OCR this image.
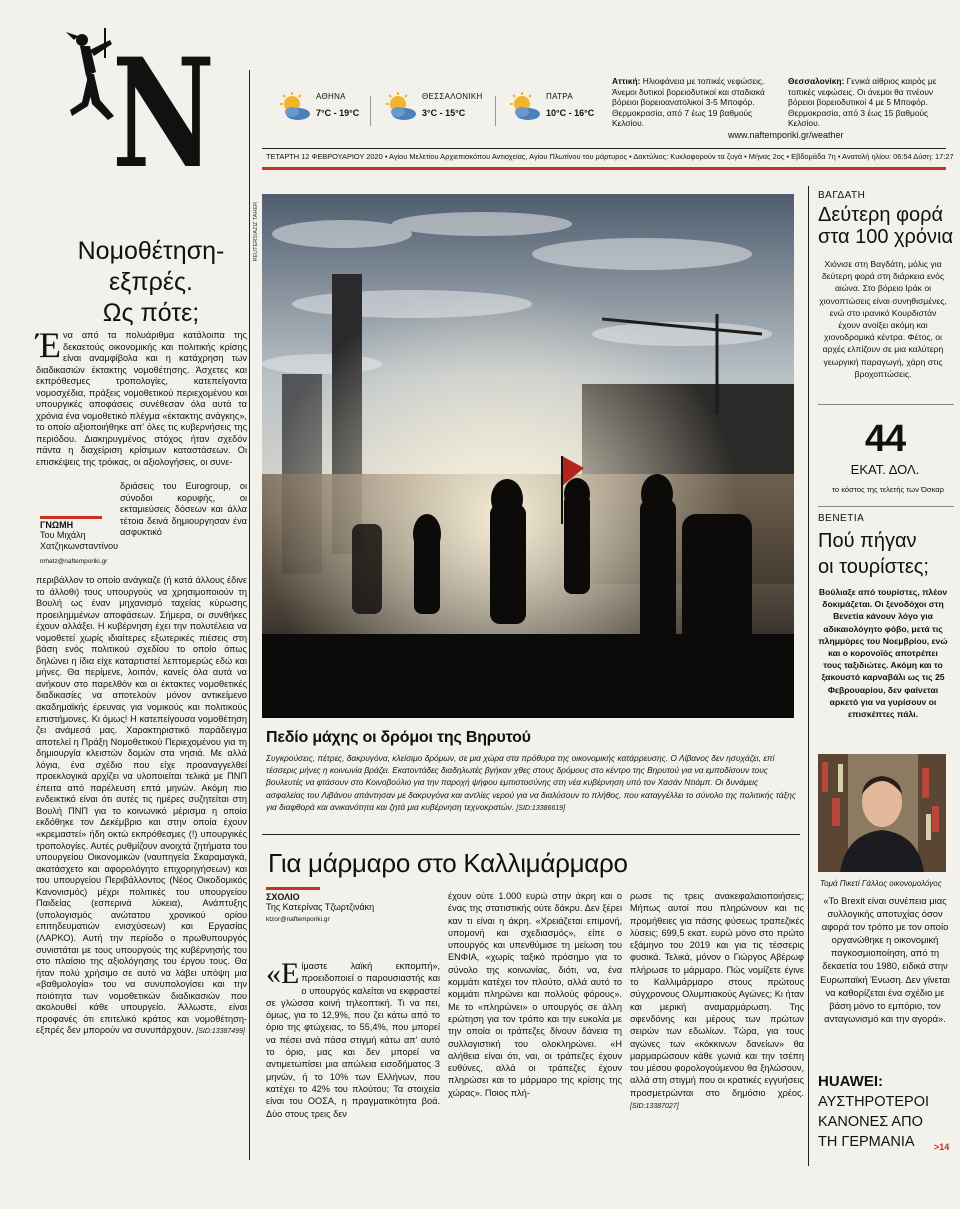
N	ΑΘΗΝΑ
7°C - 19°C
ΘΕΣΣΑΛΟΝΙΚΗ
3°C - 15°C
ΠΑΤΡΑ
10°C - 16°C
Αττική: Ηλιοφάνεια με τοπικές νεφώσεις. Άνεμοι δυτικοί βορειοδυτικοί και σταδιακά βόρειοι βορειοανατολικοί 3-5 Μποφόρ. Θερμοκρασία, από 7 έως 19 βαθμούς Κελσίου.
Θεσσαλονίκη: Γενικά αίθριος καιρός με τοπικές νεφώσεις. Οι άνεμοι θα πνέουν βόρειοι βορειοδυτικοί 4 με 5 Μποφόρ. Θερμοκρασία, από 3 έως 15 βαθμούς Κελσίου.
www.naftemporiki.gr/weather
ΤΕΤΑΡΤΗ 12 ΦΕΒΡΟΥΑΡΙΟΥ 2020 • Αγίου Μελετίου Αρχιεπισκόπου Αντιοχείας, Αγίου Πλωτίνου του μάρτυρος • Δακτύλιος: Κυκλοφορούν τα ζυγά • Μήνας 2ος • Εβδομάδα 7η • Ανατολή ηλίου: 06:54 Δύση: 17:27
Νομοθέτηση-
εξπρές.
Ως πότε;
Ένα από τα πολυάριθμα κατάλοιπα της δεκαετούς οικονομικής και πολιτικής κρίσης είναι αναμφίβολα και η κατάχρηση των διαδικασιών έκτακτης νομοθέτησης. Άσχετες και εκπρόθεσμες τροπολογίες, κατεπείγοντα νομοσχέδια, πράξεις νομοθετικού περιεχομένου και υπουργικές αποφάσεις συνέθεσαν όλα αυτά τα χρόνια ένα νομοθετικό πλέγμα «έκτακτης ανάγκης», το οποίο αξιοποιήθηκε απ' όλες τις κυβερνήσεις της περιόδου. Διακηρυγμένος στόχος ήταν σχεδόν πάντα η διαχείριση κρίσιμων καταστάσεων. Οι επισκέψεις της τρόικας, οι αξιολογήσεις, οι συνε-
ΓΝΩΜΗ
Του Μιχάλη
Χατζηκωνσταντίνου
mhatz@naftemporiki.gr
δριάσεις του Eurogroup, οι σύνοδοι κορυφής, οι εκταμιεύσεις δόσεων και άλλα τέτοια δεινά δημιουργησαν ένα ασφυκτικό
περιβάλλον το οποίο ανάγκαζε (ή κατά άλλους έδινε το άλλοθι) τους υπουργούς να χρησιμοποιούν τη Βουλή ως έναν μηχανισμό ταχείας κύρωσης προειλημμένων αποφάσεων. Σήμερα, οι συνθήκες έχουν αλλάξει. Η κυβέρνηση έχει την πολυτέλεια να νομοθετεί χωρίς ιδιαίτερες εξωτερικές πιέσεις στη βάση ενός πολιτικού σχεδίου το οποίο όπως δηλώνει η ίδια είχε καταρτιστεί λεπτομερώς εδώ και μήνες. Θα περίμενε, λοιπόν, κανείς όλα αυτά να ανήκουν στο παρελθόν και οι έκτακτες νομοθετικές διαδικασίες να αποτελούν μόνον αντικείμενο ακαδημαϊκής έρευνας για νομικούς και πολιτικούς επιστήμονες. Κι όμως! Η κατεπείγουσα νομοθέτηση ζει ανάμεσά μας. Χαρακτηριστικό παράδειγμα αποτελεί η Πράξη Νομοθετικού Περιεχομένου για τη δημιουργία κλειστών δομών στα νησιά. Με αλλά λόγια, ένα σχέδιο που είχε προαναγγελθεί προεκλογικά αρχίζει να υλοποιείται τελικά με ΠΝΠ έπειτα από παρέλευση επτά μηνών. Ακόμη πιο ενδεικτικό είναι ότι αυτές τις ημέρες συζητείται στη Βουλή ΠΝΠ για το κοινωνικό μέρισμα η οποία εκδόθηκε τον Δεκέμβριο και στην οποία έχουν «κρεμαστεί» ήδη οκτώ εκπρόθεσμες (!) υπουργικές τροπολογίες. Αυτές ρυθμίζουν ανοιχτά ζητήματα του υπουργείου Οικονομικών (ναυπηγεία Σκαραμαγκά, ακατάσχετο και αφορολόγητο επιχορηγήσεων) και του υπουργείου Περιβάλλοντος (Νέος Οικοδομικός Κανονισμός) μέχρι πολιτικές του υπουργείου Παιδείας (εσπερινά λύκεια), Ανάπτυξης (υπολογισμός ανώτατου χρονικού ορίου επιτηδευματιών ενισχύσεων) και Εργασίας (ΛΑΡΚΟ). Αυτή την περίοδο ο πρωθυπουργός συνιστάται με τους υπουργούς της κυβέρνησής του στο πλαίσιο της αξιολόγησης του έργου τους. Θα ήταν πολύ χρήσιμο σε αυτό να λάβει υπόψη μια «βαθμολογία» του να συνυπολογίσει και την ποιότητα των νομοθετικών διαδικασιών που ακολουθεί κάθε υπουργείο. Άλλωστε, είναι προφανές ότι επιτελικό κράτος και νομοθέτηση-εξπρές δεν μπορούν να συνυπάρχουν. [SID:13387499]
REUTERS/AZIZ TAHER
Πεδίο μάχης οι δρόμοι της Βηρυτού
Συγκρούσεις, πέτρες, δακρυγόνα, κλείσιμο δρόμων, σε μια χώρα στα πρόθυρα της οικονομικής κατάρρευσης. Ο Λίβανος δεν ησυχάζει, επί τέσσερις μήνες η κοινωνία βράζει. Εκατοντάδες διαδηλωτές βγήκαν χθες στους δρόμους στο κέντρο της Βηρυτού για να εμποδίσουν τους βουλευτές να φτάσουν στο Κοινοβούλιο για την παροχή ψήφου εμπιστοσύνης στη νέα κυβέρνηση υπό τον Χασάν Ντιάμπ. Οι δυνάμεις ασφαλείας του Λιβάνου απάντησαν με δακρυγόνα και αντλίες νερού για να διαλύσουν το πλήθος, που καταγγέλλει το σύνολο της πολιτικής τάξης για διαφθορά και ανικανότητα και ζητά μια κυβέρνηση τεχνοκρατών. [SID:13386619]
ΒΑΓΔΑΤΗ
Δεύτερη φορά
στα 100 χρόνια
Χιόνισε στη Βαγδάτη, μόλις για δεύτερη φορά στη διάρκεια ενός αιώνα. Στο βόρειο Ιράκ οι χιονοπτώσεις είναι συνηθισμένες, ενώ στο ιρανικό Κουρδιστάν έχουν ανοίξει ακόμη και χιονοδρομικά κέντρα. Φέτος, οι αρχές ελπίζουν σε μια καλύτερη γεωργική παραγωγή, χάρη στις βροχοπτώσεις.
44
ΕΚΑΤ. ΔΟΛ.
το κόστος της τελετής των Όσκαρ
ΒΕΝΕΤΙΑ
Πού πήγαν
οι τουρίστες;
Βούλιαξε από τουρίστες, πλέον δοκιμάζεται. Οι ξενοδόχοι στη Βενετία κάνουν λόγο για αδικαιολόγητο φόβο, μετά τις πλημμύρες του Νοεμβρίου, ενώ και ο κορονοϊός αποτρέπει τους ταξιδιώτες. Ακόμη και το ξακουστό καρναβάλι ως τις 25 Φεβρουαρίου, δεν φαίνεται αρκετό για να γυρίσουν οι επισκέπτες πάλι.
Τομά Πικετί Γάλλος οικονομολόγος
«Το Brexit είναι συνέπεια μιας συλλογικής αποτυχίας όσον αφορά τον τρόπο με τον οποίο οργανώθηκε η οικονομική παγκοσμιοποίηση, από τη δεκαετία του 1980, ειδικά στην Ευρωπαϊκή Ένωση. Δεν γίνεται να καθορίζεται ένα σχέδιο με βάση μόνο το εμπόριο, τον ανταγωνισμό και την αγορά».
HUAWEI:
ΑΥΣΤΗΡΟΤΕΡΟΙ
ΚΑΝΟΝΕΣ ΑΠΟ
ΤΗ ΓΕΡΜΑΝΙΑ	>14
Για μάρμαρο στο Καλλιμάρμαρο
ΣΧΟΛΙΟ
Της Κατερίνας Τζωρτζινάκη
ktzor@naftemporiki.gr
«Είμαστε λαϊκή εκπομπή», προειδοποιεί ο παρουσιαστής και ο υπουργός καλείται να εκφραστεί σε γλώσσα κοινή τηλεοπτική. Τι να πει, όμως, για το 12,9%, που ζει κάτω από το όριο της φτώχειας, το 55,4%, που μπορεί να πέσει ανά πάσα στιγμή κάτω απ' αυτό το όριο, μας και δεν μπορεί να αντιμετωπίσει μια απώλεια εισοδήματος 3 μηνών, ή το 10% των Ελλήνων, που κατέχει το 42% του πλούτου; Τα στοιχεία είναι του ΟΟΣΑ, η πραγματικότητα βοά. Δύο στους τρεις δεν
έχουν ούτε 1.000 ευρώ στην άκρη και ο ένας της στατιστικής ούτε δάκρυ. Δεν ξέρει καν τι είναι η άκρη. «Χρειάζεται επιμονή, υπομονή και σχεδιασμός», είπε ο υπουργός και υπενθύμισε τη μείωση του ΕΝΦΙΑ, «χωρίς ταξικό πρόσημο για το σύνολο της κοινωνίας, διότι, να, ένα κομμάτι κατέχει τον πλούτο, αλλά αυτό το κομμάτι πληρώνει και πολλούς φόρους». Με το «πληρώνει» ο υπουργός σε άλλη ερώτηση για τον τρόπο και την ευκολία με την οποία οι τράπεζες δίνουν δάνεια τη συλλογιστική του ολοκληρώνει. «Η αλήθεια είναι ότι, ναι, οι τράπεζες έχουν ευθύνες, αλλά οι τράπεζες έχουν πληρώσει και το μάρμαρο της κρίσης της χώρας». Ποιος πλή-
ρωσε τις τρεις ανακεφαλαιοποιήσεις; Μήπως αυτοί που πληρώνουν και τις προμήθειες για πάσης φύσεως τραπεζικές λύσεις; 699,5 εκατ. ευρώ μόνο στο πρώτο εξάμηνο του 2019 και για τις τέσσερις φυσικά. Τελικά, μόνον ο Γιώργος Αβέρωφ πλήρωσε το μάρμαρο. Πώς νομίζετε έγινε το Καλλιμάρμαρο στους πρώτους σύγχρονους Ολυμπιακούς Αγώνες; Κι ήταν και μερική αναμαρμάρωση. Της σφενδόνης και μέρους των πρώτων σειρών των εδωλίων. Τώρα, για τους αγώνες των «κόκκινων δανείων» θα μαρμαρώσουν κάθε γωνιά και την τσέπη του μέσου φορολογούμενου θα ξηλώσουν, αλλά στη στιγμή που οι κρατικές εγγυήσεις προσμετρώνται στο δημόσιο χρέος. [SID:13387027]
